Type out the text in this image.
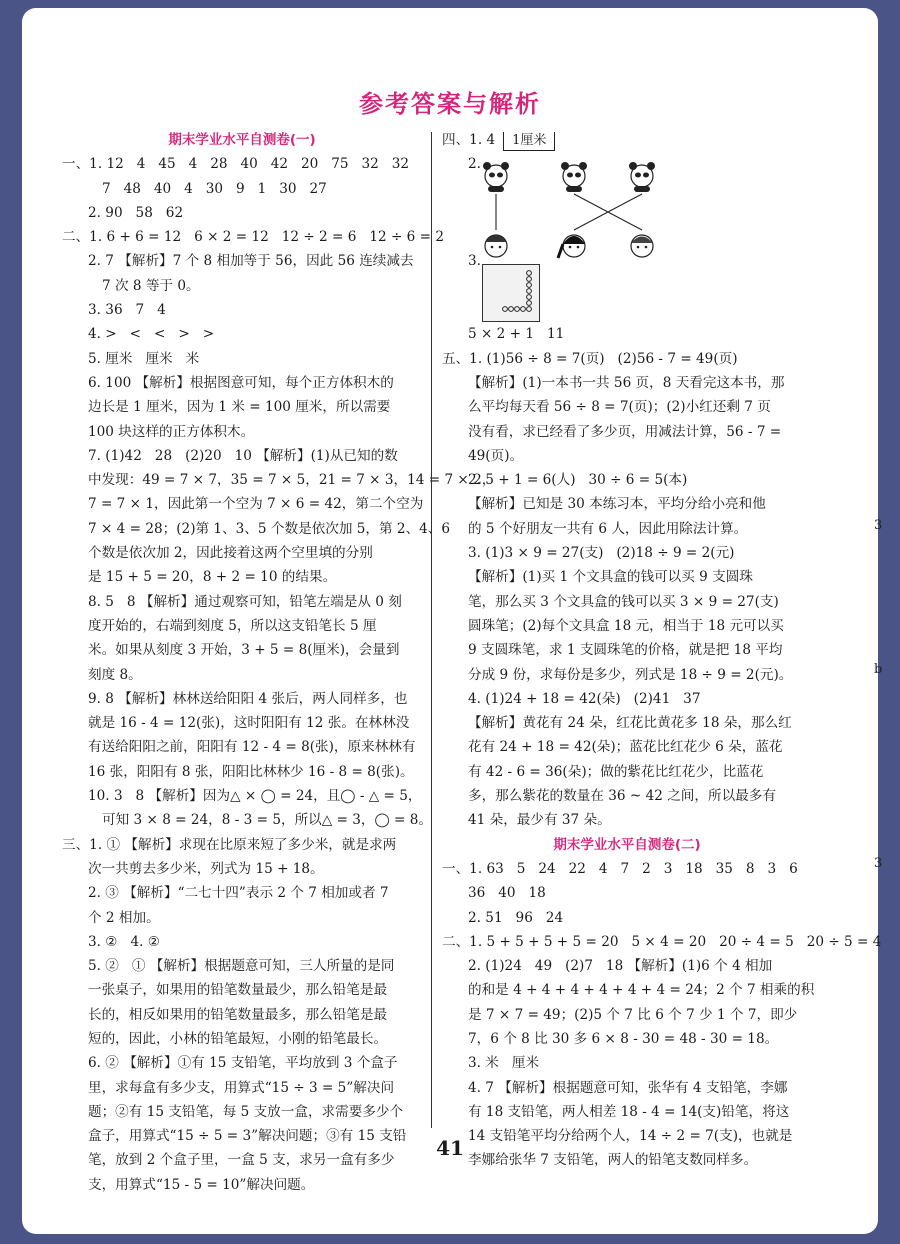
参考答案与解析
期末学业水平自测卷(一)
一、1. 12   4   45   4   28   40   42   20   75   32   32
7   48   40   4   30   9   1   30   27
2. 90   58   62
二、1. 6 + 6 = 12   6 × 2 = 12   12 ÷ 2 = 6   12 ÷ 6 = 2
2. 7 【解析】7 个 8 相加等于 56，因此 56 连续减去
7 次 8 等于 0。
3. 36   7   4
4. >   <   <   >   >
5. 厘米   厘米   米
6. 100 【解析】根据图意可知，每个正方体积木的
边长是 1 厘米，因为 1 米 = 100 厘米，所以需要
100 块这样的正方体积木。
7. (1)42   28   (2)20   10 【解析】(1)从已知的数
中发现：49 = 7 × 7，35 = 7 × 5，21 = 7 × 3，14 = 7 × 2，
7 = 7 × 1，因此第一个空为 7 × 6 = 42，第二个空为
7 × 4 = 28；(2)第 1、3、5 个数是依次加 5，第 2、4、6
个数是依次加 2，因此接着这两个空里填的分别
是 15 + 5 = 20，8 + 2 = 10 的结果。
8. 5   8 【解析】通过观察可知，铅笔左端是从 0 刻
度开始的，右端到刻度 5，所以这支铅笔长 5 厘
米。如果从刻度 3 开始，3 + 5 = 8(厘米)，会量到
刻度 8。
9. 8 【解析】林林送给阳阳 4 张后，两人同样多，也
就是 16 - 4 = 12(张)，这时阳阳有 12 张。在林林没
有送给阳阳之前，阳阳有 12 - 4 = 8(张)，原来林林有
16 张，阳阳有 8 张，阳阳比林林少 16 - 8 = 8(张)。
10. 3   8 【解析】因为△ × ◯ = 24，且◯ - △ = 5，
可知 3 × 8 = 24，8 - 3 = 5，所以△ = 3，◯ = 8。
三、1. ① 【解析】求现在比原来短了多少米，就是求两
次一共剪去多少米，列式为 15 + 18。
2. ③ 【解析】“二七十四”表示 2 个 7 相加或者 7
个 2 相加。
3. ②   4. ②
5. ②   ① 【解析】根据题意可知，三人所量的是同
一张桌子，如果用的铅笔数量最少，那么铅笔是最
长的，相反如果用的铅笔数量最多，那么铅笔是最
短的，因此，小林的铅笔最短，小刚的铅笔最长。
6. ② 【解析】①有 15 支铅笔，平均放到 3 个盒子
里，求每盒有多少支，用算式“15 ÷ 3 = 5”解决问
题；②有 15 支铅笔，每 5 支放一盒，求需要多少个
盒子，用算式“15 ÷ 5 = 3”解决问题；③有 15 支铅
笔，放到 2 个盒子里，一盒 5 支，求另一盒有多少
支，用算式“15 - 5 = 10”解决问题。
四、1. 4 1厘米
2.
3.
5 × 2 + 1   11
五、1. (1)56 ÷ 8 = 7(页)   (2)56 - 7 = 49(页)
【解析】(1)一本书一共 56 页，8 天看完这本书，那
么平均每天看 56 ÷ 8 = 7(页)；(2)小红还剩 7 页
没有看，求已经看了多少页，用减法计算，56 - 7 =
49(页)。
2. 5 + 1 = 6(人)   30 ÷ 6 = 5(本)
【解析】已知是 30 本练习本，平均分给小亮和他
的 5 个好朋友一共有 6 人，因此用除法计算。
3. (1)3 × 9 = 27(支)   (2)18 ÷ 9 = 2(元)
【解析】(1)买 1 个文具盒的钱可以买 9 支圆珠
笔，那么买 3 个文具盒的钱可以买 3 × 9 = 27(支)
圆珠笔；(2)每个文具盒 18 元，相当于 18 元可以买
9 支圆珠笔，求 1 支圆珠笔的价格，就是把 18 平均
分成 9 份，求每份是多少，列式是 18 ÷ 9 = 2(元)。
4. (1)24 + 18 = 42(朵)   (2)41   37
【解析】黄花有 24 朵，红花比黄花多 18 朵，那么红
花有 24 + 18 = 42(朵)；蓝花比红花少 6 朵，蓝花
有 42 - 6 = 36(朵)；做的紫花比红花少，比蓝花
多，那么紫花的数量在 36 ~ 42 之间，所以最多有
41 朵，最少有 37 朵。
期末学业水平自测卷(二)
一、1. 63   5   24   22   4   7   2   3   18   35   8   3   6
36   40   18
2. 51   96   24
二、1. 5 + 5 + 5 + 5 = 20   5 × 4 = 20   20 ÷ 4 = 5   20 ÷ 5 = 4
2. (1)24   49   (2)7   18 【解析】(1)6 个 4 相加
的和是 4 + 4 + 4 + 4 + 4 + 4 = 24；2 个 7 相乘的积
是 7 × 7 = 49；(2)5 个 7 比 6 个 7 少 1 个 7，即少
7，6 个 8 比 30 多 6 × 8 - 30 = 48 - 30 = 18。
3. 米   厘米
4. 7 【解析】根据题意可知，张华有 4 支铅笔，李娜
有 18 支铅笔，两人相差 18 - 4 = 14(支)铅笔，将这
14 支铅笔平均分给两个人，14 ÷ 2 = 7(支)，也就是
李娜给张华 7 支铅笔，两人的铅笔支数同样多。
3
b
3
41
